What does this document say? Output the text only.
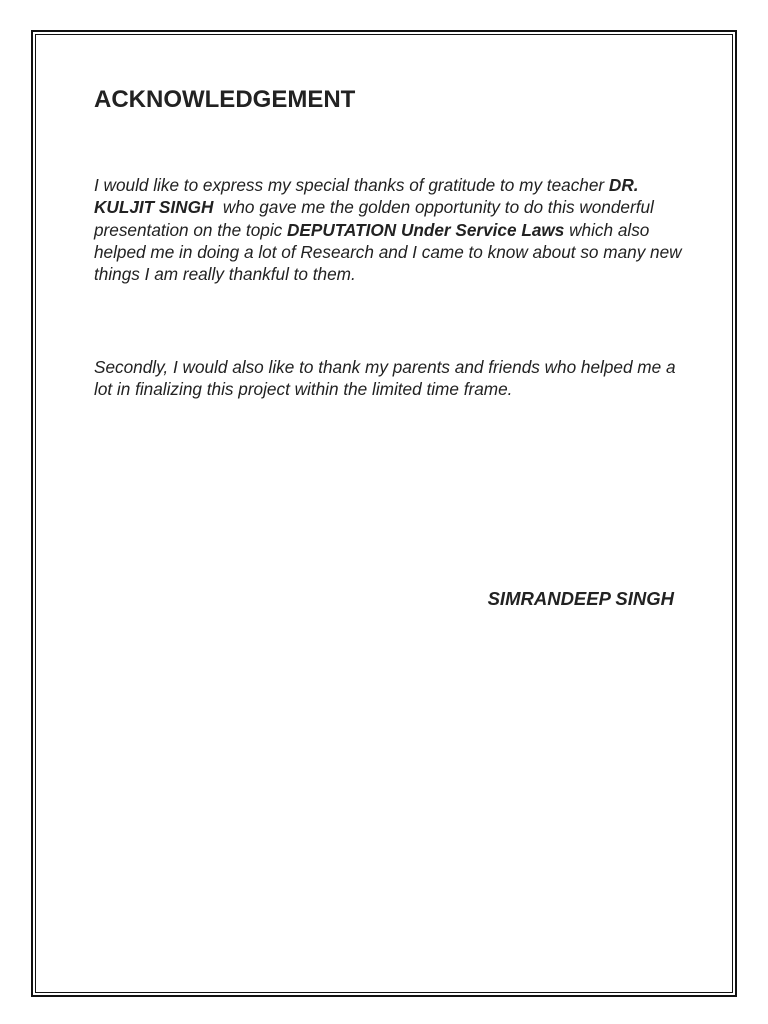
ACKNOWLEDGEMENT

I would like to express my special thanks of gratitude to my teacher DR. KULJIT SINGH  who gave me the golden opportunity to do this wonderful presentation on the topic DEPUTATION Under Service Laws which also helped me in doing a lot of Research and I came to know about so many new things I am really thankful to them.

Secondly, I would also like to thank my parents and friends who helped me a lot in finalizing this project within the limited time frame.

SIMRANDEEP SINGH
